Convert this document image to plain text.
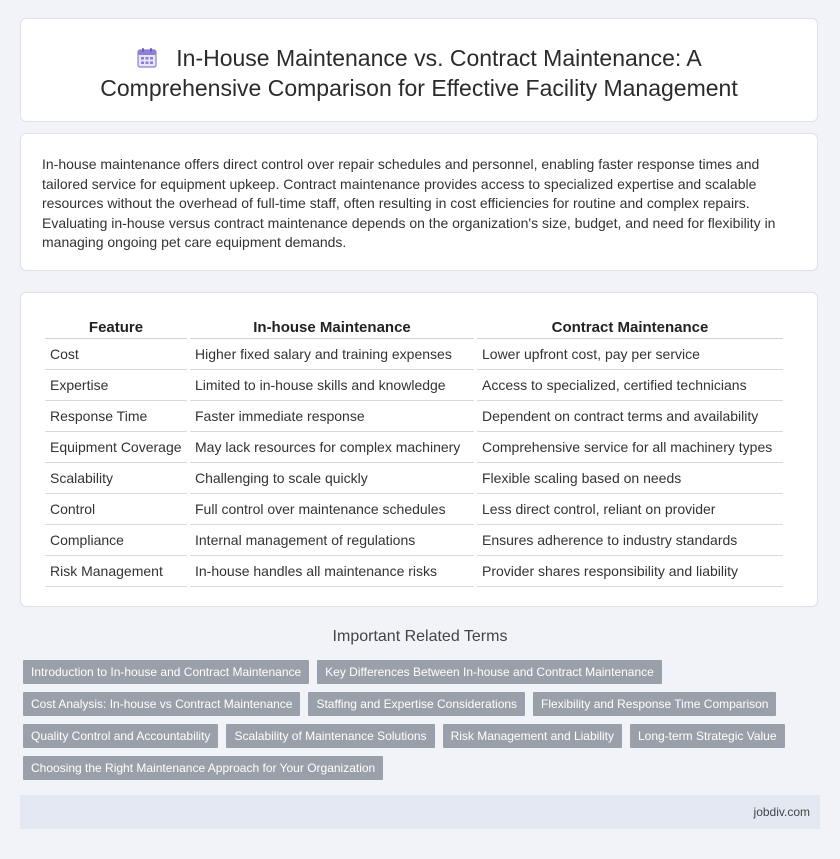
In-House Maintenance vs. Contract Maintenance: A
Comprehensive Comparison for Effective Facility Management
In-house maintenance offers direct control over repair schedules and personnel, enabling faster response times and tailored service for equipment upkeep. Contract maintenance provides access to specialized expertise and scalable resources without the overhead of full-time staff, often resulting in cost efficiencies for routine and complex repairs. Evaluating in-house versus contract maintenance depends on the organization's size, budget, and need for flexibility in managing ongoing pet care equipment demands.
Feature	In-house Maintenance	Contract Maintenance
Cost	Higher fixed salary and training expenses	Lower upfront cost, pay per service
Expertise	Limited to in-house skills and knowledge	Access to specialized, certified technicians
Response Time	Faster immediate response	Dependent on contract terms and availability
Equipment Coverage	May lack resources for complex machinery	Comprehensive service for all machinery types
Scalability	Challenging to scale quickly	Flexible scaling based on needs
Control	Full control over maintenance schedules	Less direct control, reliant on provider
Compliance	Internal management of regulations	Ensures adherence to industry standards
Risk Management	In-house handles all maintenance risks	Provider shares responsibility and liability
Important Related Terms
Introduction to In-house and Contract Maintenance	Key Differences Between In-house and Contract Maintenance
Cost Analysis: In-house vs Contract Maintenance	Staffing and Expertise Considerations	Flexibility and Response Time Comparison
Quality Control and Accountability	Scalability of Maintenance Solutions	Risk Management and Liability	Long-term Strategic Value
Choosing the Right Maintenance Approach for Your Organization
jobdiv.com
